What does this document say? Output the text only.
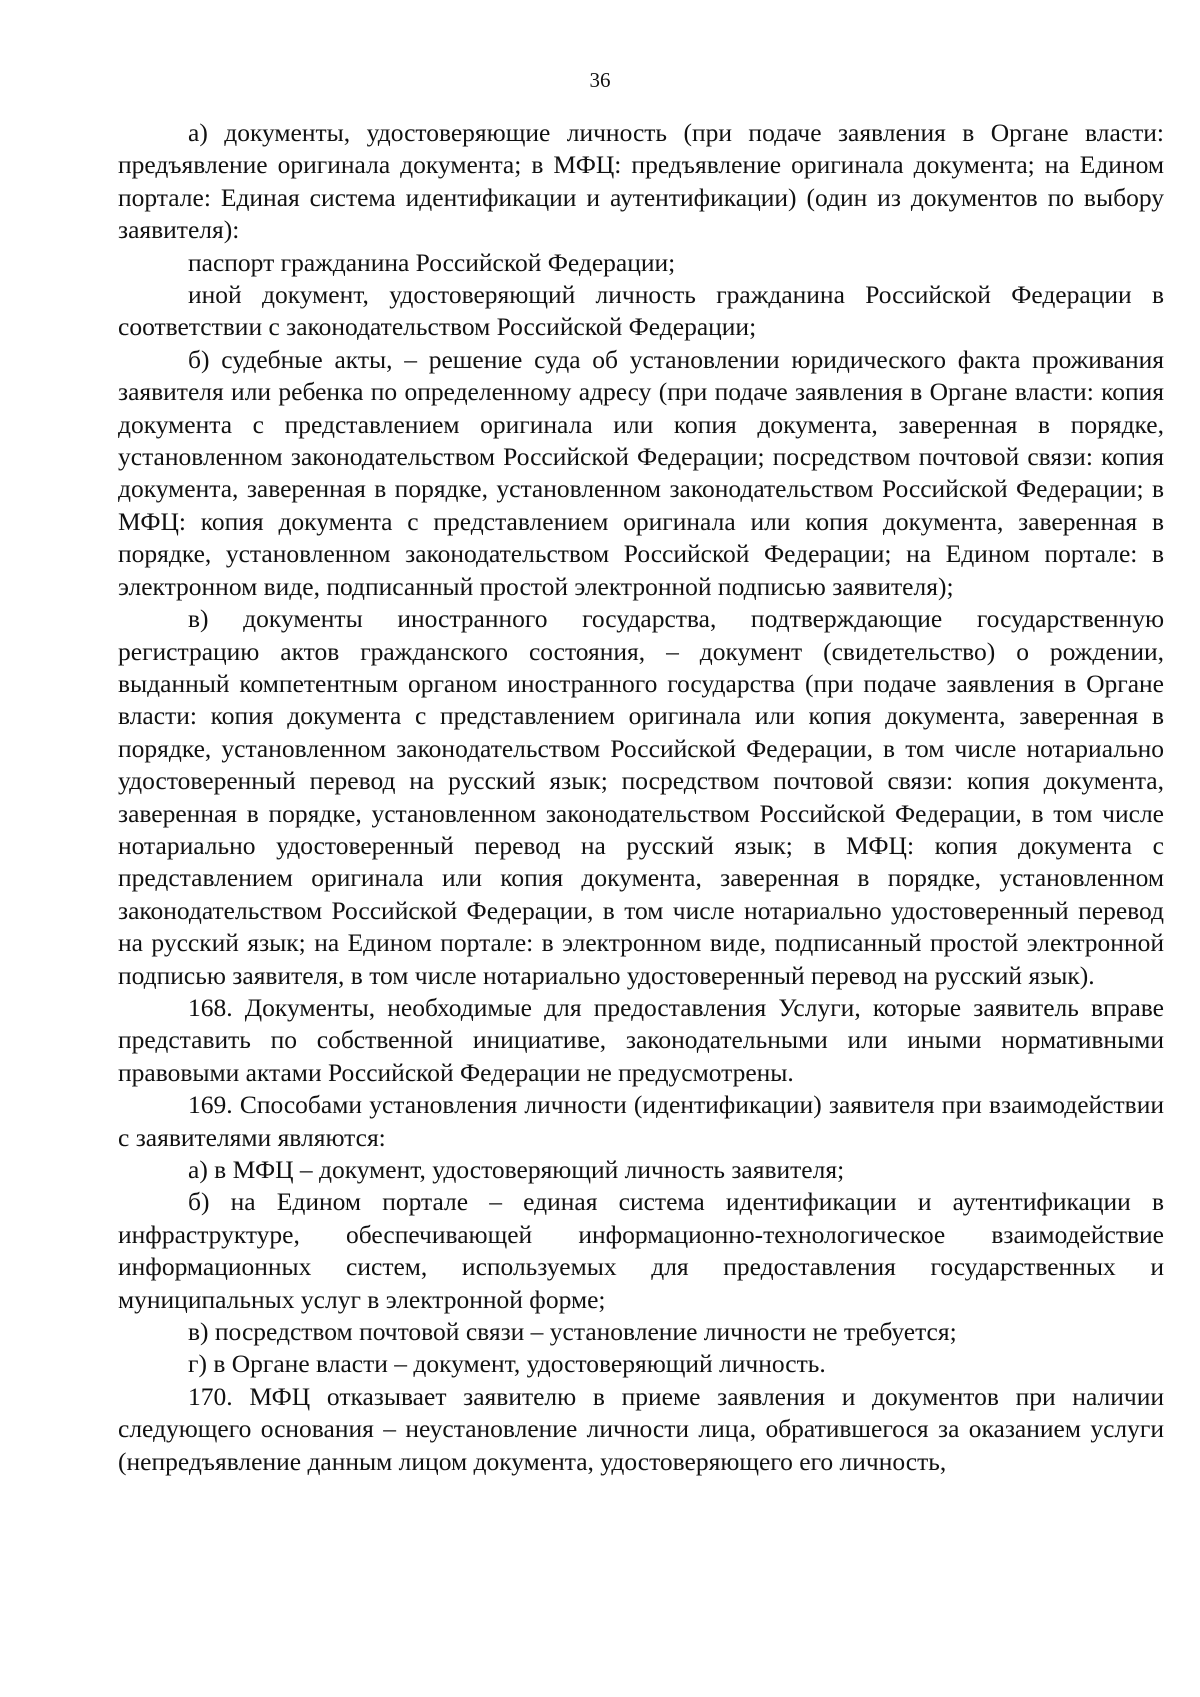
36

а) документы, удостоверяющие личность (при подаче заявления в Органе власти: предъявление оригинала документа; в МФЦ: предъявление оригинала документа; на Едином портале: Единая система идентификации и аутентификации) (один из документов по выбору заявителя):

паспорт гражданина Российской Федерации;

иной документ, удостоверяющий личность гражданина Российской Федерации в соответствии с законодательством Российской Федерации;

б) судебные акты, – решение суда об установлении юридического факта проживания заявителя или ребенка по определенному адресу (при подаче заявления в Органе власти: копия документа с представлением оригинала или копия документа, заверенная в порядке, установленном законодательством Российской Федерации; посредством почтовой связи: копия документа, заверенная в порядке, установленном законодательством Российской Федерации; в МФЦ: копия документа с представлением оригинала или копия документа, заверенная в порядке, установленном законодательством Российской Федерации; на Едином портале: в электронном виде, подписанный простой электронной подписью заявителя);

в) документы иностранного государства, подтверждающие государственную регистрацию актов гражданского состояния, – документ (свидетельство) о рождении, выданный компетентным органом иностранного государства (при подаче заявления в Органе власти: копия документа с представлением оригинала или копия документа, заверенная в порядке, установленном законодательством Российской Федерации, в том числе нотариально удостоверенный перевод на русский язык; посредством почтовой связи: копия документа, заверенная в порядке, установленном законодательством Российской Федерации, в том числе нотариально удостоверенный перевод на русский язык; в МФЦ: копия документа с представлением оригинала или копия документа, заверенная в порядке, установленном законодательством Российской Федерации, в том числе нотариально удостоверенный перевод на русский язык; на Едином портале: в электронном виде, подписанный простой электронной подписью заявителя, в том числе нотариально удостоверенный перевод на русский язык).

168. Документы, необходимые для предоставления Услуги, которые заявитель вправе представить по собственной инициативе, законодательными или иными нормативными правовыми актами Российской Федерации не предусмотрены.

169. Способами установления личности (идентификации) заявителя при взаимодействии с заявителями являются:

а) в МФЦ – документ, удостоверяющий личность заявителя;

б) на Едином портале – единая система идентификации и аутентификации в инфраструктуре, обеспечивающей информационно-технологическое взаимодействие информационных систем, используемых для предоставления государственных и муниципальных услуг в электронной форме;

в) посредством почтовой связи – установление личности не требуется;

г) в Органе власти – документ, удостоверяющий личность.

170. МФЦ отказывает заявителю в приеме заявления и документов при наличии следующего основания – неустановление личности лица, обратившегося за оказанием услуги (непредъявление данным лицом документа, удостоверяющего его личность,
